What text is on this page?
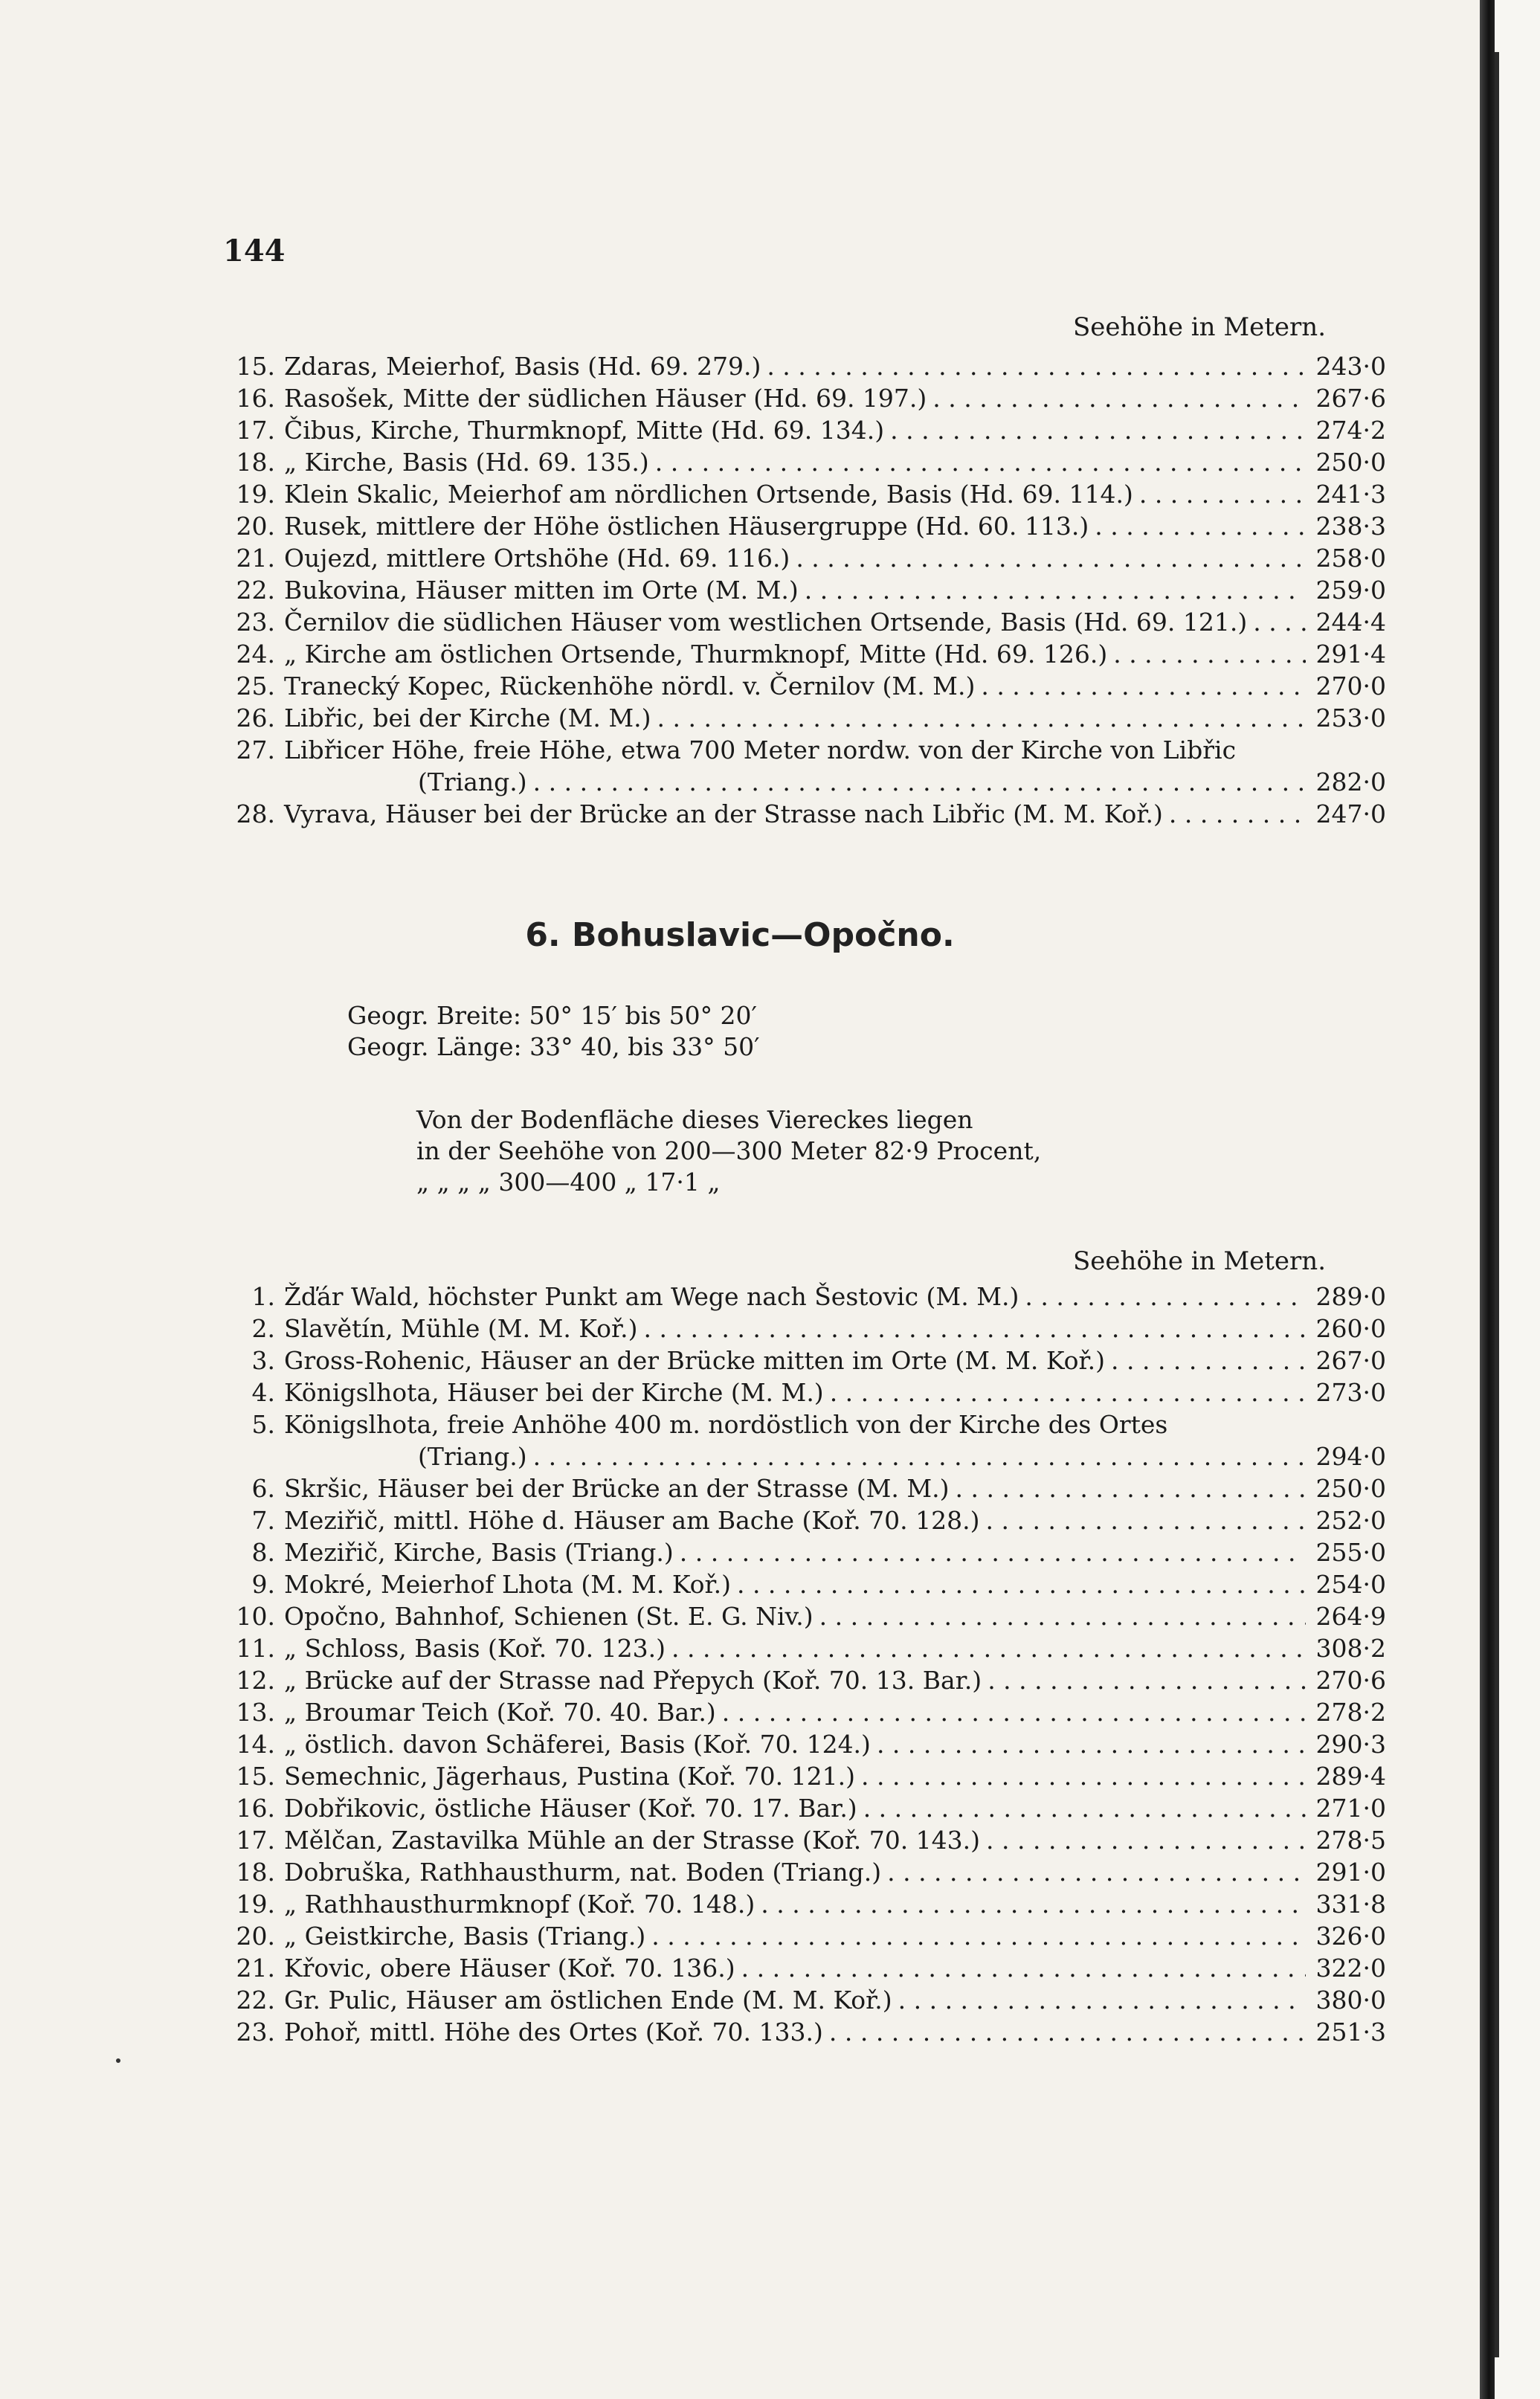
144
Seehöhe in Metern.
15. Zdaras, Meierhof, Basis (Hd. 69. 279.) . . .	243·0
16. Rasošek, Mitte der südlichen Häuser (Hd. 69. 197.) . . .	267·6
17. Čibus, Kirche, Thurmknopf, Mitte (Hd. 69. 134.) . . .	274·2
18. „ Kirche, Basis (Hd. 69. 135.) . . .	250·0
19. Klein Skalic, Meierhof am nördlichen Ortsende, Basis (Hd. 69. 114.) . . .	241·3
20. Rusek, mittlere der Höhe östlichen Häusergruppe (Hd. 60. 113.) . . .	238·3
21. Oujezd, mittlere Ortshöhe (Hd. 69. 116.) . . .	258·0
22. Bukovina, Häuser mitten im Orte (M. M.) . . .	259·0
23. Černilov die südlichen Häuser vom westlichen Ortsende, Basis (Hd. 69. 121.) . . .	244·4
24. „ Kirche am östlichen Ortsende, Thurmknopf, Mitte (Hd. 69. 126.) . . .	291·4
25. Tranecký Kopec, Rückenhöhe nördl. v. Černilov (M. M.) . . .	270·0
26. Libřic, bei der Kirche (M. M.) . . .	253·0
27. Libřicer Höhe, freie Höhe, etwa 700 Meter nordw. von der Kirche von Libřic
(Triang.) . . .	282·0
28. Vyrava, Häuser bei der Brücke an der Strasse nach Libřic (M. M. Koř.) . . .	247·0
6. Bohuslavic—Opočno.
Geogr. Breite: 50° 15′ bis 50° 20′
Geogr. Länge: 33° 40, bis 33° 50′
Von der Bodenfläche dieses Viereckes liegen
in der Seehöhe von 200—300 Meter 82·9 Procent,
„ „ „ „ 300—400 „ 17·1 „
Seehöhe in Metern.
1. Žďár Wald, höchster Punkt am Wege nach Šestovic (M. M.) . . .	289·0
2. Slavětín, Mühle (M. M. Koř.) . . .	260·0
3. Gross-Rohenic, Häuser an der Brücke mitten im Orte (M. M. Koř.) . . .	267·0
4. Königslhota, Häuser bei der Kirche (M. M.) . . .	273·0
5. Königslhota, freie Anhöhe 400 m. nordöstlich von der Kirche des Ortes
(Triang.) . . .	294·0
6. Skršic, Häuser bei der Brücke an der Strasse (M. M.) . . .	250·0
7. Meziřič, mittl. Höhe d. Häuser am Bache (Koř. 70. 128.) . . .	252·0
8. Meziřič, Kirche, Basis (Triang.) . . .	255·0
9. Mokré, Meierhof Lhota (M. M. Koř.) . . .	254·0
10. Opočno, Bahnhof, Schienen (St. E. G. Niv.) . . .	264·9
11. „ Schloss, Basis (Koř. 70. 123.) . . .	308·2
12. „ Brücke auf der Strasse nad Přepych (Koř. 70. 13. Bar.) . . .	270·6
13. „ Broumar Teich (Koř. 70. 40. Bar.) . . .	278·2
14. „ östlich. davon Schäferei, Basis (Koř. 70. 124.) . . .	290·3
15. Semechnic, Jägerhaus, Pustina (Koř. 70. 121.) . . .	289·4
16. Dobřikovic, östliche Häuser (Koř. 70. 17. Bar.) . . .	271·0
17. Mělčan, Zastavilka Mühle an der Strasse (Koř. 70. 143.) . . .	278·5
18. Dobruška, Rathhausthurm, nat. Boden (Triang.) . . .	291·0
19. „ Rathhausthurmknopf (Koř. 70. 148.) . . .	331·8
20. „ Geistkirche, Basis (Triang.) . . .	326·0
21. Křovic, obere Häuser (Koř. 70. 136.) . . .	322·0
22. Gr. Pulic, Häuser am östlichen Ende (M. M. Koř.) . . .	380·0
23. Pohoř, mittl. Höhe des Ortes (Koř. 70. 133.) . . .	251·3
